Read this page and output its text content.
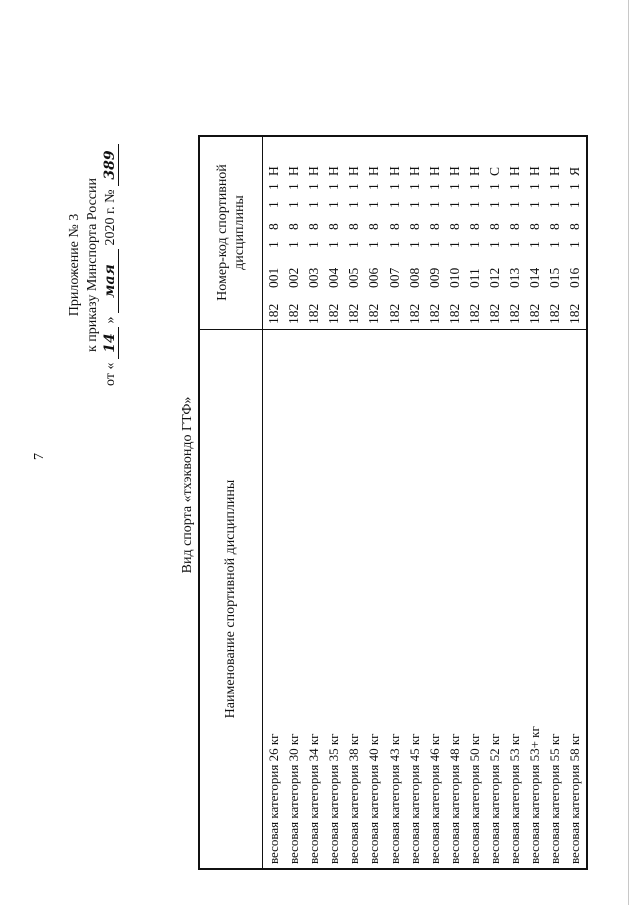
7
Приложение № 3 к приказу Минспорта России
от « 14 » мая 2020 г. № 389
Вид спорта «тхэквондо ГТФ»	Наименование спортивной дисциплины
Номер-код спортивной дисциплины
весовая категория 26 кг
1820011811Н
весовая категория 30 кг
1820021811Н
весовая категория 34 кг
1820031811Н
весовая категория 35 кг
1820041811Н
весовая категория 38 кг
1820051811Н
весовая категория 40 кг
1820061811Н
весовая категория 43 кг
1820071811Н
весовая категория 45 кг
1820081811Н
весовая категория 46 кг
1820091811Н
весовая категория 48 кг
1820101811Н
весовая категория 50 кг
1820111811Н
весовая категория 52 кг
1820121811С
весовая категория 53 кг
1820131811Н
весовая категория 53+ кг
1820141811Н
весовая категория 55 кг
1820151811Н
весовая категория 58 кг
1820161811Я
